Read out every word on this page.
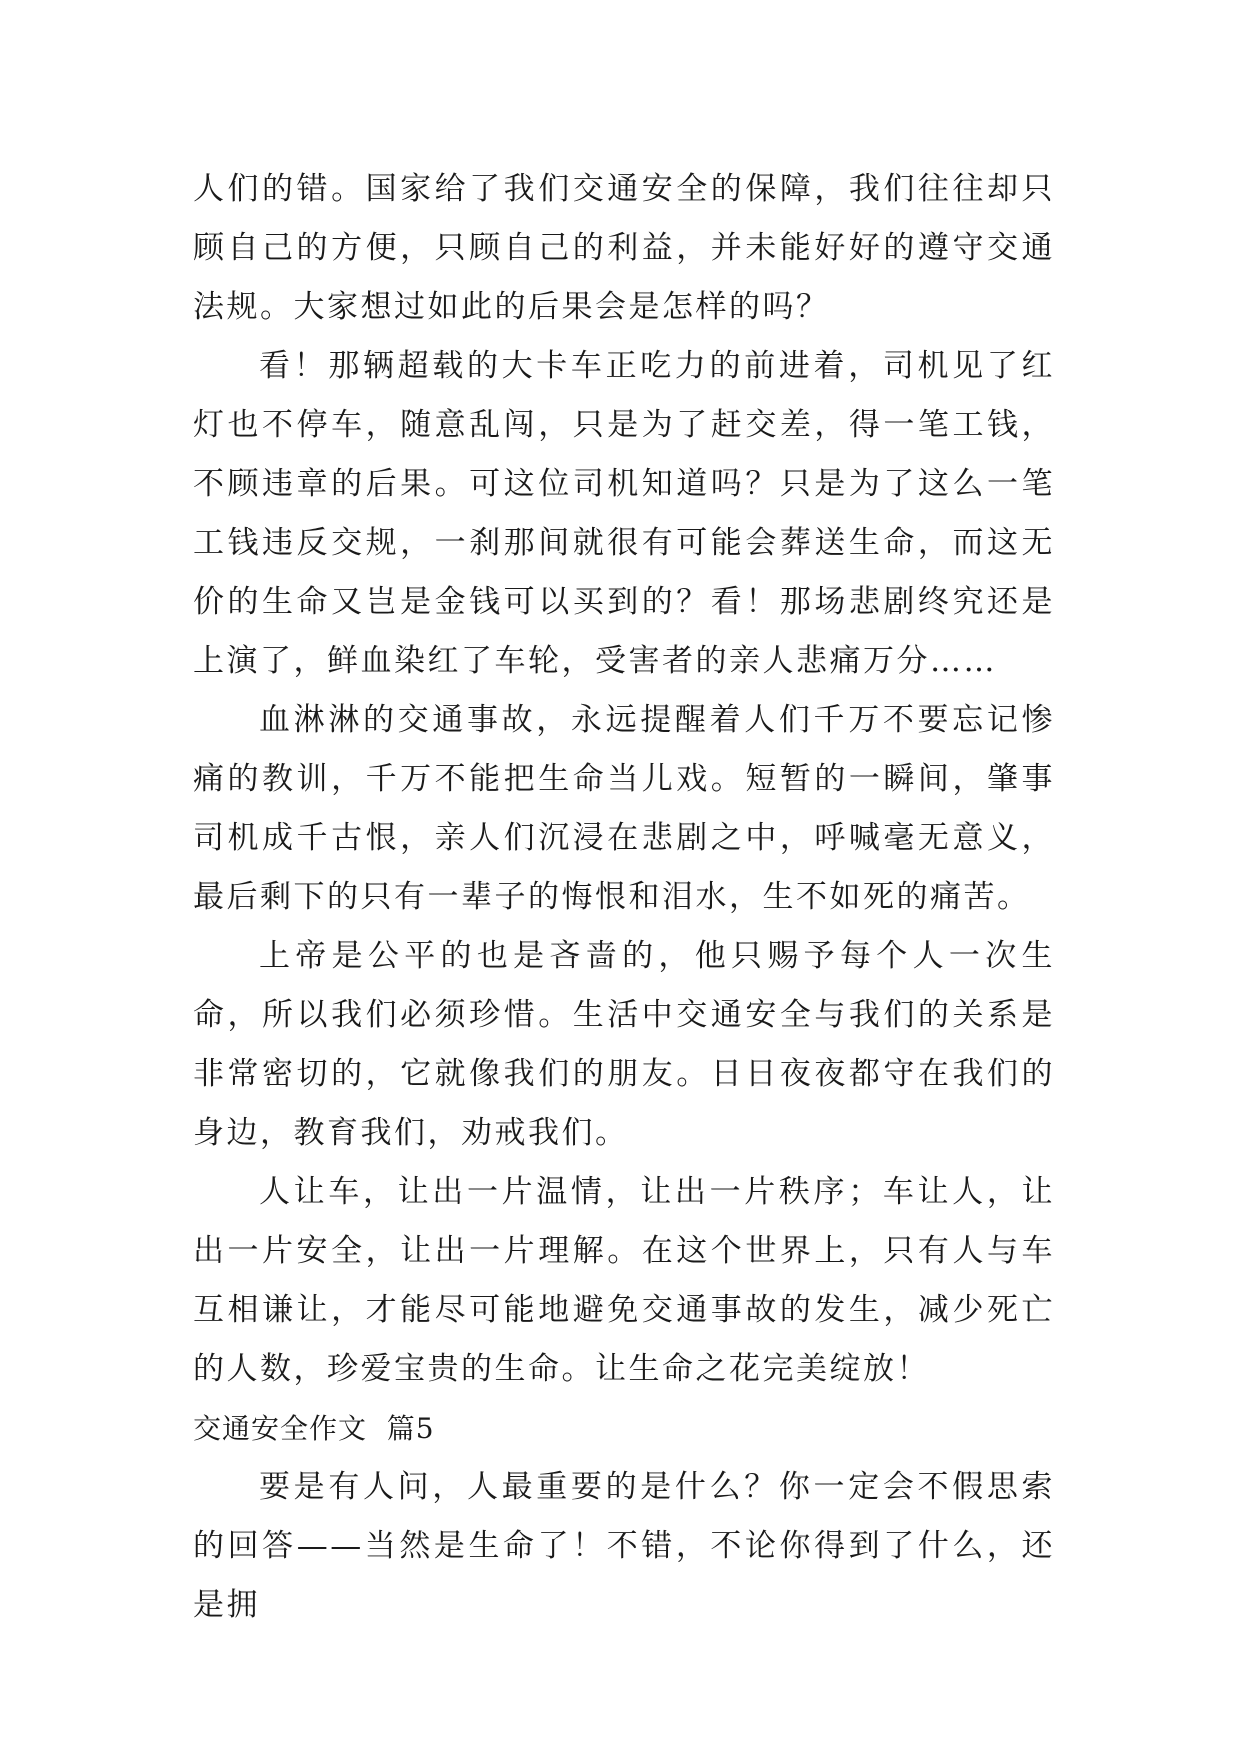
人们的错。国家给了我们交通安全的保障，我们往往却只顾自己的方便，只顾自己的利益，并未能好好的遵守交通法规。大家想过如此的后果会是怎样的吗？

看！那辆超载的大卡车正吃力的前进着，司机见了红灯也不停车，随意乱闯，只是为了赶交差，得一笔工钱，不顾违章的后果。可这位司机知道吗？只是为了这么一笔工钱违反交规，一刹那间就很有可能会葬送生命，而这无价的生命又岂是金钱可以买到的？看！那场悲剧终究还是上演了，鲜血染红了车轮，受害者的亲人悲痛万分……

血淋淋的交通事故，永远提醒着人们千万不要忘记惨痛的教训，千万不能把生命当儿戏。短暂的一瞬间，肇事司机成千古恨，亲人们沉浸在悲剧之中，呼喊毫无意义，最后剩下的只有一辈子的悔恨和泪水，生不如死的痛苦。

上帝是公平的也是吝啬的，他只赐予每个人一次生命，所以我们必须珍惜。生活中交通安全与我们的关系是非常密切的，它就像我们的朋友。日日夜夜都守在我们的身边，教育我们，劝戒我们。

人让车，让出一片温情，让出一片秩序；车让人，让出一片安全，让出一片理解。在这个世界上，只有人与车互相谦让，才能尽可能地避免交通事故的发生，减少死亡的人数，珍爱宝贵的生命。让生命之花完美绽放！

交通安全作文  篇5

要是有人问，人最重要的是什么？你一定会不假思索的回答——当然是生命了！不错，不论你得到了什么，还是拥
